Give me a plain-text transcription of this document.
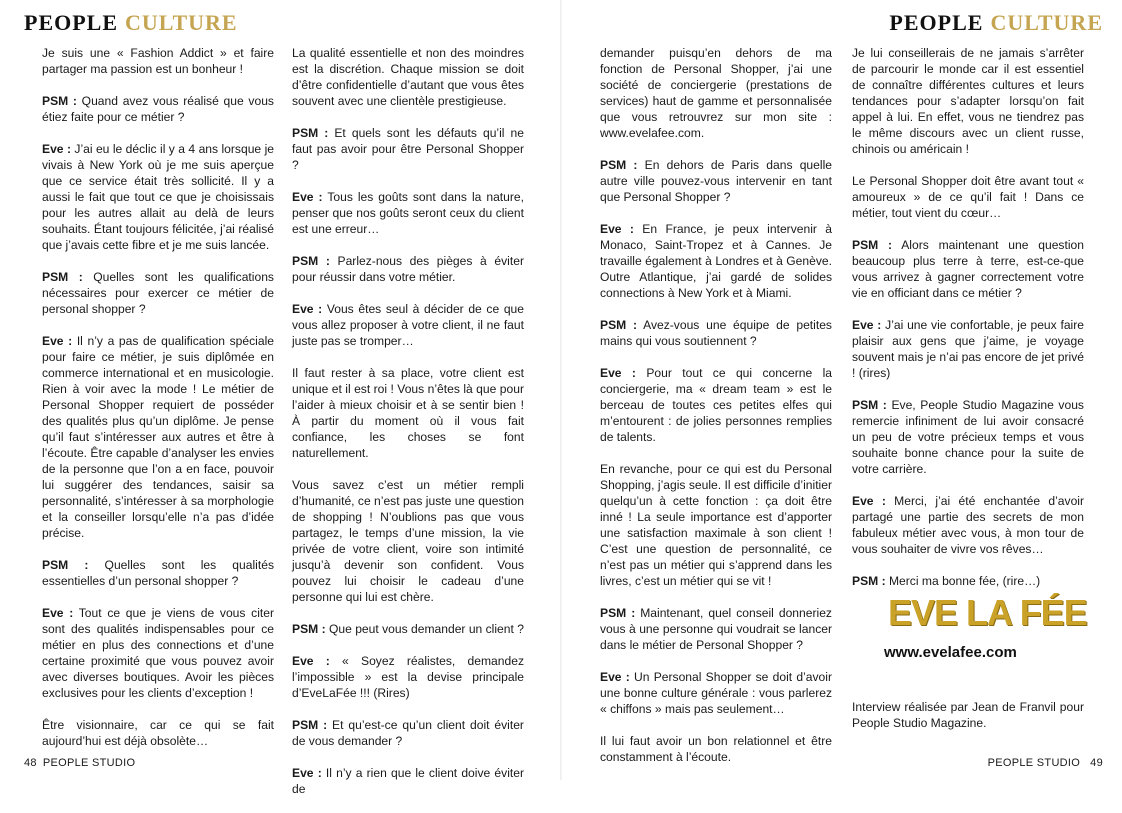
PEOPLE CULTURE	PEOPLE CULTURE

Je suis une « Fashion Addict » et faire partager ma passion est un bonheur !

PSM : Quand avez vous réalisé que vous étiez faite pour ce métier ?

Eve : J’ai eu le déclic il y a 4 ans lorsque je vivais à New York où je me suis aperçue que ce service était très sollicité. Il y a aussi le fait que tout ce que je choisissais pour les autres allait au delà de leurs souhaits. Étant toujours félicitée, j’ai réalisé que j’avais cette fibre et je me suis lancée.

PSM : Quelles sont les qualifications nécessaires pour exercer ce métier de personal shopper ?

Eve : Il n’y a pas de qualification spéciale pour faire ce métier, je suis diplômée en commerce international et en musicologie. Rien à voir avec la mode ! Le métier de Personal Shopper requiert de posséder des qualités plus qu’un diplôme. Je pense qu’il faut s’intéresser aux autres et être à l’écoute. Être capable d’analyser les envies de la personne que l’on a en face, pouvoir lui suggérer des tendances, saisir sa personnalité, s’intéresser à sa morphologie et la conseiller lorsqu’elle n’a pas d’idée précise.

PSM : Quelles sont les qualités essentielles d’un personal shopper ?

Eve : Tout ce que je viens de vous citer sont des qualités indispensables pour ce métier en plus des connections et d’une certaine proximité que vous pouvez avoir avec diverses boutiques. Avoir les pièces exclusives pour les clients d’exception !

Être visionnaire, car ce qui se fait aujourd’hui est déjà obsolète…

La qualité essentielle et non des moindres est la discrétion. Chaque mission se doit d’être confidentielle d’autant que vous êtes souvent avec une clientèle prestigieuse.

PSM : Et quels sont les défauts qu’il ne faut pas avoir pour être Personal Shopper ?

Eve : Tous les goûts sont dans la nature, penser que nos goûts seront ceux du client est une erreur…

PSM : Parlez-nous des pièges à éviter pour réussir dans votre métier.

Eve : Vous êtes seul à décider de ce que vous allez proposer à votre client, il ne faut juste pas se tromper…

Il faut rester à sa place, votre client est unique et il est roi ! Vous n’êtes là que pour l’aider à mieux choisir et à se sentir bien ! À partir du moment où il vous fait confiance, les choses se font naturellement.

Vous savez c’est un métier rempli d’humanité, ce n’est pas juste une question de shopping ! N’oublions pas que vous partagez, le temps d’une mission, la vie privée de votre client, voire son intimité jusqu’à devenir son confident. Vous pouvez lui choisir le cadeau d’une personne qui lui est chère.

PSM : Que peut vous demander un client ?

Eve : « Soyez réalistes, demandez l’impossible » est la devise principale d’EveLaFée !!! (Rires)

PSM : Et qu’est-ce qu’un client doit éviter de vous demander ?

Eve : Il n’y a rien que le client doive éviter de

demander puisqu’en dehors de ma fonction de Personal Shopper, j’ai une société de conciergerie (prestations de services) haut de gamme et personnalisée que vous retrouvrez sur mon site : www.evelafee.com.

PSM : En dehors de Paris dans quelle autre ville pouvez-vous intervenir en tant que Personal Shopper ?

Eve : En France, je peux intervenir à Monaco, Saint-Tropez et à Cannes. Je travaille également à Londres et à Genève. Outre Atlantique, j’ai gardé de solides connections à New York et à Miami.

PSM : Avez-vous une équipe de petites mains qui vous soutiennent ?

Eve : Pour tout ce qui concerne la conciergerie, ma « dream team » est le berceau de toutes ces petites elfes qui m’entourent : de jolies personnes remplies de talents.

En revanche, pour ce qui est du Personal Shopping, j’agis seule. Il est difficile d’initier quelqu’un à cette fonction : ça doit être inné ! La seule importance est d’apporter une satisfaction maximale à son client ! C’est une question de personnalité, ce n’est pas un métier qui s’apprend dans les livres, c’est un métier qui se vit !

PSM : Maintenant, quel conseil donneriez vous à une personne qui voudrait se lancer dans le métier de Personal Shopper ?

Eve : Un Personal Shopper se doit d’avoir une bonne culture générale : vous parlerez « chiffons » mais pas seulement…

Il lui faut avoir un bon relationnel et être constamment à l’écoute.

Je lui conseillerais de ne jamais s’arrêter de parcourir le monde car il est essentiel de connaître différentes cultures et leurs tendances pour s’adapter lorsqu’on fait appel à lui. En effet, vous ne tiendrez pas le même discours avec un client russe, chinois ou américain !

Le Personal Shopper doit être avant tout « amoureux » de ce qu’il fait ! Dans ce métier, tout vient du cœur…

PSM : Alors maintenant une question beaucoup plus terre à terre, est-ce-que vous arrivez à gagner correctement votre vie en officiant dans ce métier ?

Eve : J’ai une vie confortable, je peux faire plaisir aux gens que j’aime, je voyage souvent mais je n’ai pas encore de jet privé ! (rires)

PSM : Eve, People Studio Magazine vous remercie infiniment de lui avoir consacré un peu de votre précieux temps et vous souhaite bonne chance pour la suite de votre carrière.

Eve : Merci, j’ai été enchantée d’avoir partagé une partie des secrets de mon fabuleux métier avec vous, à mon tour de vous souhaiter de vivre vos rêves…

PSM : Merci ma bonne fée, (rire…)

EVE LA FÉE
www.evelafee.com

Interview réalisée par Jean de Franvil pour People Studio Magazine.

48 PEOPLE STUDIO	PEOPLE STUDIO 49
